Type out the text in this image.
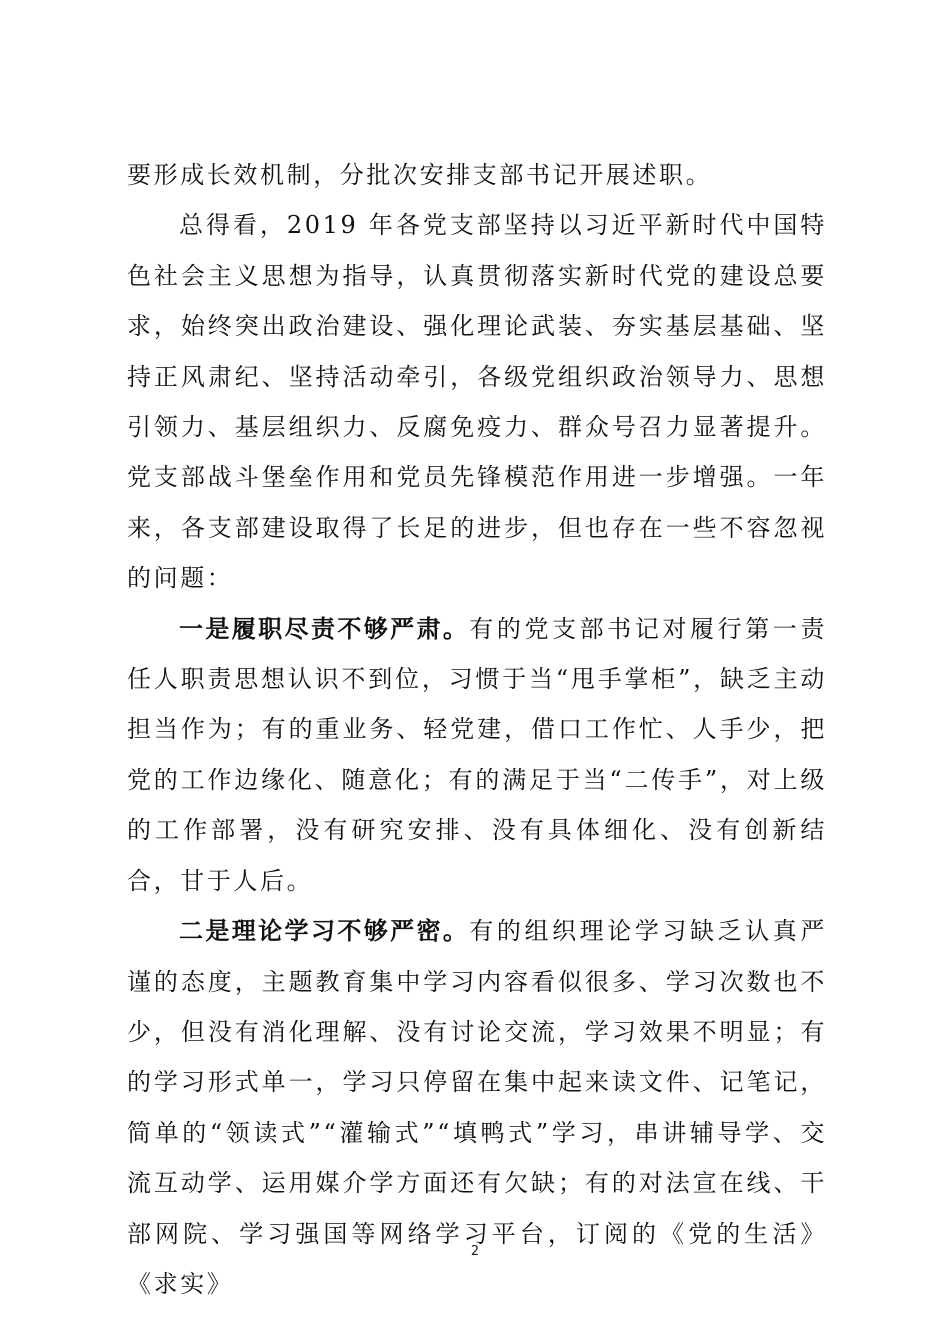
要形成长效机制，分批次安排支部书记开展述职。

总得看，2019 年各党支部坚持以习近平新时代中国特色社会主义思想为指导，认真贯彻落实新时代党的建设总要求，始终突出政治建设、强化理论武装、夯实基层基础、坚持正风肃纪、坚持活动牵引，各级党组织政治领导力、思想引领力、基层组织力、反腐免疫力、群众号召力显著提升。党支部战斗堡垒作用和党员先锋模范作用进一步增强。一年来，各支部建设取得了长足的进步，但也存在一些不容忽视的问题：

一是履职尽责不够严肃。有的党支部书记对履行第一责任人职责思想认识不到位，习惯于当“甩手掌柜”，缺乏主动担当作为；有的重业务、轻党建，借口工作忙、人手少，把党的工作边缘化、随意化；有的满足于当“二传手”，对上级的工作部署，没有研究安排、没有具体细化、没有创新结合，甘于人后。

二是理论学习不够严密。有的组织理论学习缺乏认真严谨的态度，主题教育集中学习内容看似很多、学习次数也不少，但没有消化理解、没有讨论交流，学习效果不明显；有的学习形式单一，学习只停留在集中起来读文件、记笔记，简单的“领读式”“灌输式”“填鸭式”学习，串讲辅导学、交流互动学、运用媒介学方面还有欠缺；有的对法宣在线、干部网院、学习强国等网络学习平台，订阅的《党的生活》《求实》

2
